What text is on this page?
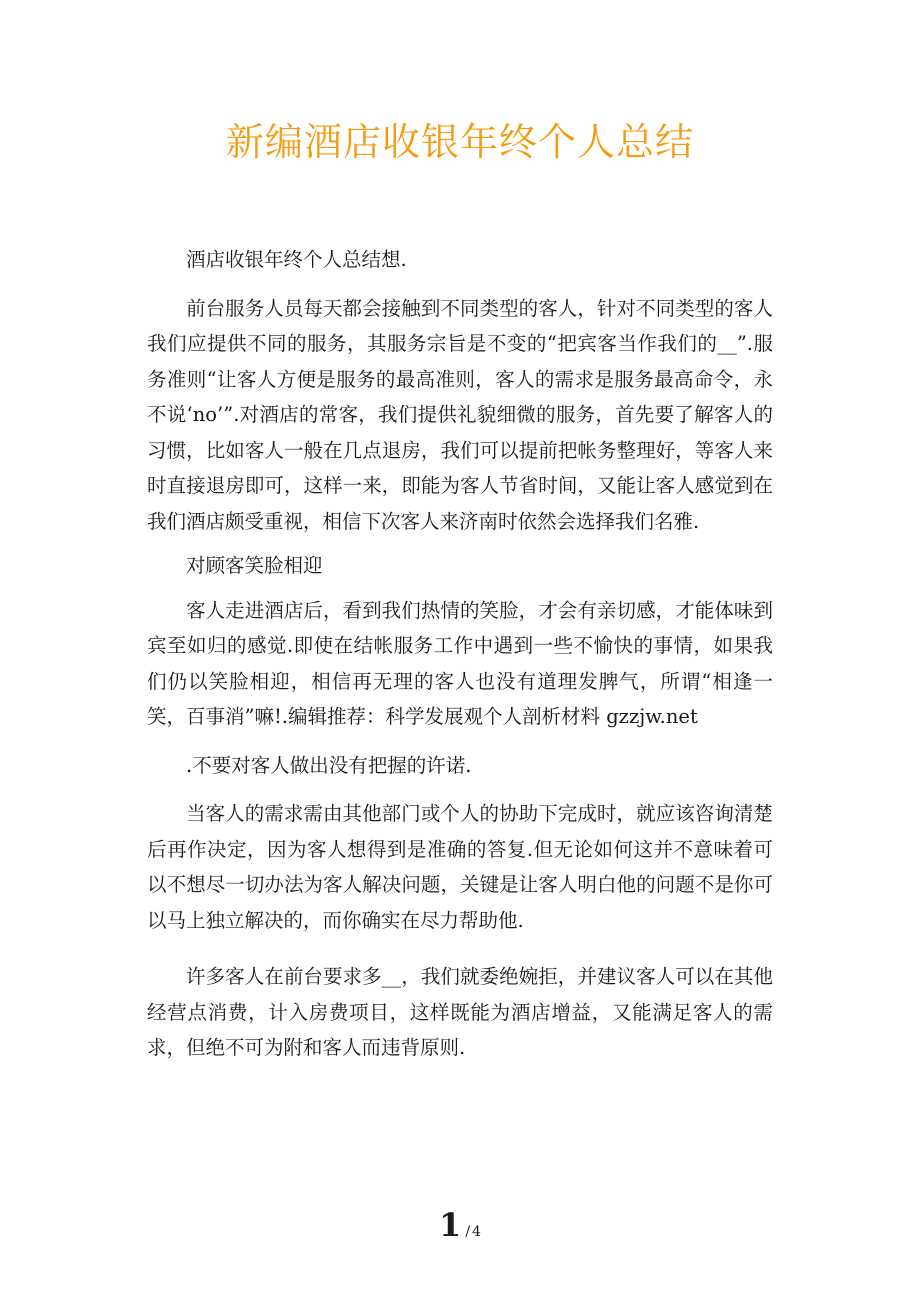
新编酒店收银年终个人总结

酒店收银年终个人总结想.

前台服务人员每天都会接触到不同类型的客人，针对不同类型的客人我们应提供不同的服务，其服务宗旨是不变的“把宾客当作我们的__”.服务准则“让客人方便是服务的最高准则，客人的需求是服务最高命令，永不说‘no’”.对酒店的常客，我们提供礼貌细微的服务，首先要了解客人的习惯，比如客人一般在几点退房，我们可以提前把帐务整理好，等客人来时直接退房即可，这样一来，即能为客人节省时间，又能让客人感觉到在我们酒店颇受重视，相信下次客人来济南时依然会选择我们名雅.

对顾客笑脸相迎

客人走进酒店后，看到我们热情的笑脸，才会有亲切感，才能体味到宾至如归的感觉.即使在结帐服务工作中遇到一些不愉快的事情，如果我们仍以笑脸相迎，相信再无理的客人也没有道理发脾气，所谓“相逢一笑，百事消”嘛!.编辑推荐：科学发展观个人剖析材料 gzzjw.net

.不要对客人做出没有把握的许诺.

当客人的需求需由其他部门或个人的协助下完成时，就应该咨询清楚后再作决定，因为客人想得到是准确的答复.但无论如何这并不意味着可以不想尽一切办法为客人解决问题，关键是让客人明白他的问题不是你可以马上独立解决的，而你确实在尽力帮助他.

许多客人在前台要求多__，我们就委绝婉拒，并建议客人可以在其他经营点消费，计入房费项目，这样既能为酒店增益，又能满足客人的需求，但绝不可为附和客人而违背原则.

1 / 4
